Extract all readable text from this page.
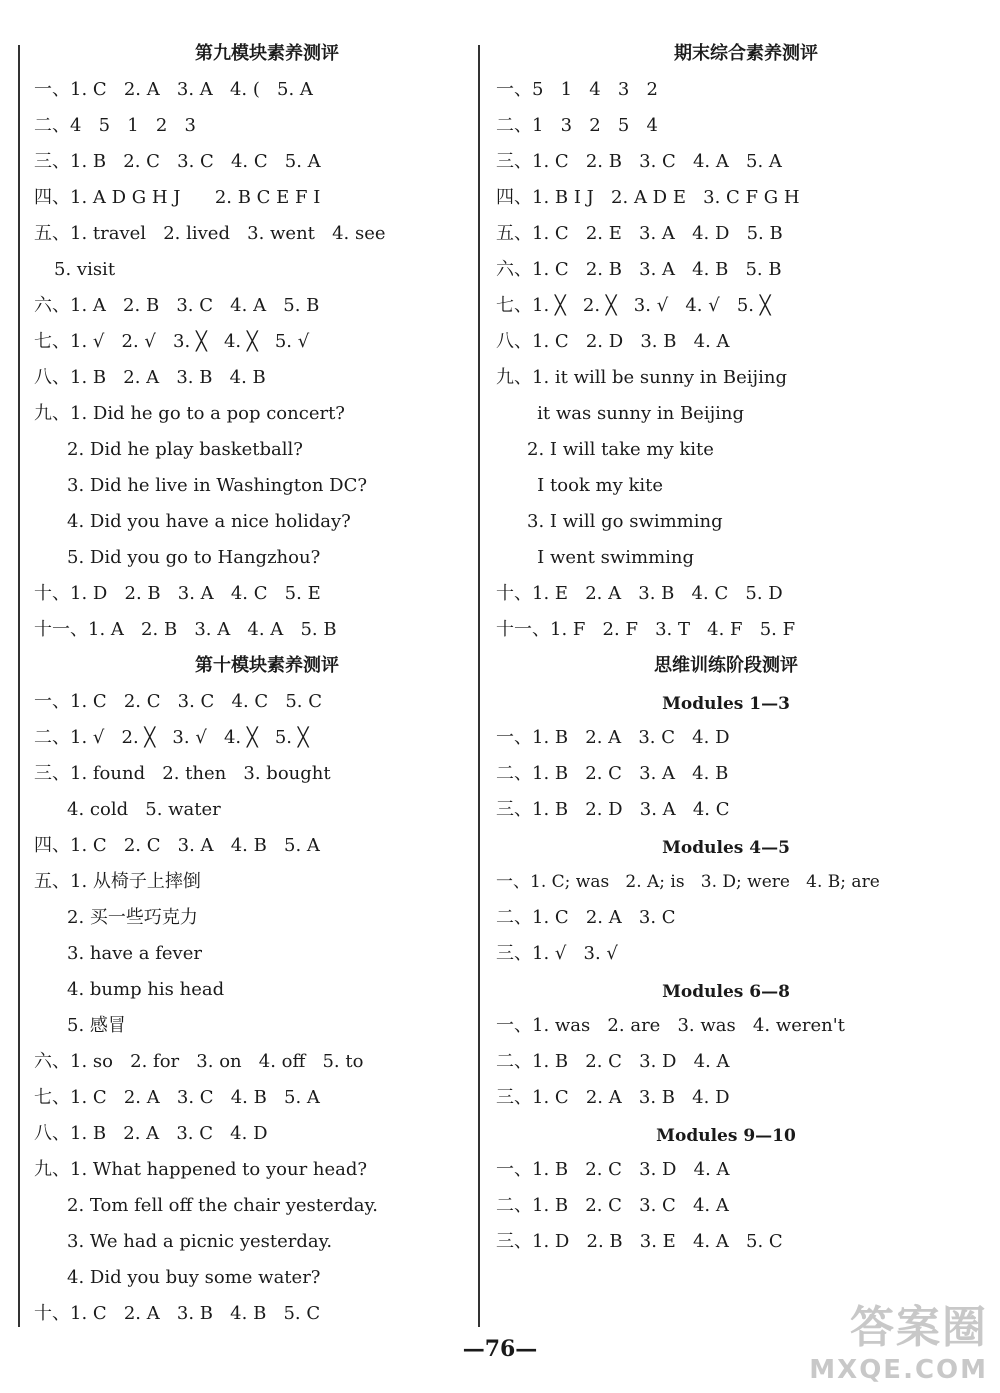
第九模块素养测评
一、1. C   2. A   3. A   4. (   5. A
二、4   5   1   2   3
三、1. B   2. C   3. C   4. C   5. A
四、1. A D G H J      2. B C E F I
五、1. travel   2. lived   3. went   4. see
5. visit
六、1. A   2. B   3. C   4. A   5. B
七、1. √   2. √   3. ╳   4. ╳   5. √
八、1. B   2. A   3. B   4. B
九、1. Did he go to a pop concert?
2. Did he play basketball?
3. Did he live in Washington DC?
4. Did you have a nice holiday?
5. Did you go to Hangzhou?
十、1. D   2. B   3. A   4. C   5. E
十一、1. A   2. B   3. A   4. A   5. B
第十模块素养测评
一、1. C   2. C   3. C   4. C   5. C
二、1. √   2. ╳   3. √   4. ╳   5. ╳
三、1. found   2. then   3. bought
4. cold   5. water
四、1. C   2. C   3. A   4. B   5. A
五、1. 从椅子上摔倒
2. 买一些巧克力
3. have a fever
4. bump his head
5. 感冒
六、1. so   2. for   3. on   4. off   5. to
七、1. C   2. A   3. C   4. B   5. A
八、1. B   2. A   3. C   4. D
九、1. What happened to your head?
2. Tom fell off the chair yesterday.
3. We had a picnic yesterday.
4. Did you buy some water?
十、1. C   2. A   3. B   4. B   5. C
期末综合素养测评
一、5   1   4   3   2
二、1   3   2   5   4
三、1. C   2. B   3. C   4. A   5. A
四、1. B I J   2. A D E   3. C F G H
五、1. C   2. E   3. A   4. D   5. B
六、1. C   2. B   3. A   4. B   5. B
七、1. ╳   2. ╳   3. √   4. √   5. ╳
八、1. C   2. D   3. B   4. A
九、1. it will be sunny in Beijing
it was sunny in Beijing
2. I will take my kite
I took my kite
3. I will go swimming
I went swimming
十、1. E   2. A   3. B   4. C   5. D
十一、1. F   2. F   3. T   4. F   5. F
思维训练阶段测评
Modules 1—3
一、1. B   2. A   3. C   4. D
二、1. B   2. C   3. A   4. B
三、1. B   2. D   3. A   4. C
Modules 4—5
一、1. C; was   2. A; is   3. D; were   4. B; are
二、1. C   2. A   3. C
三、1. √   3. √
Modules 6—8
一、1. was   2. are   3. was   4. weren't
二、1. B   2. C   3. D   4. A
三、1. C   2. A   3. B   4. D
Modules 9—10
一、1. B   2. C   3. D   4. A
二、1. B   2. C   3. C   4. A
三、1. D   2. B   3. E   4. A   5. C
—76—	答案圈
MXQE.COM
